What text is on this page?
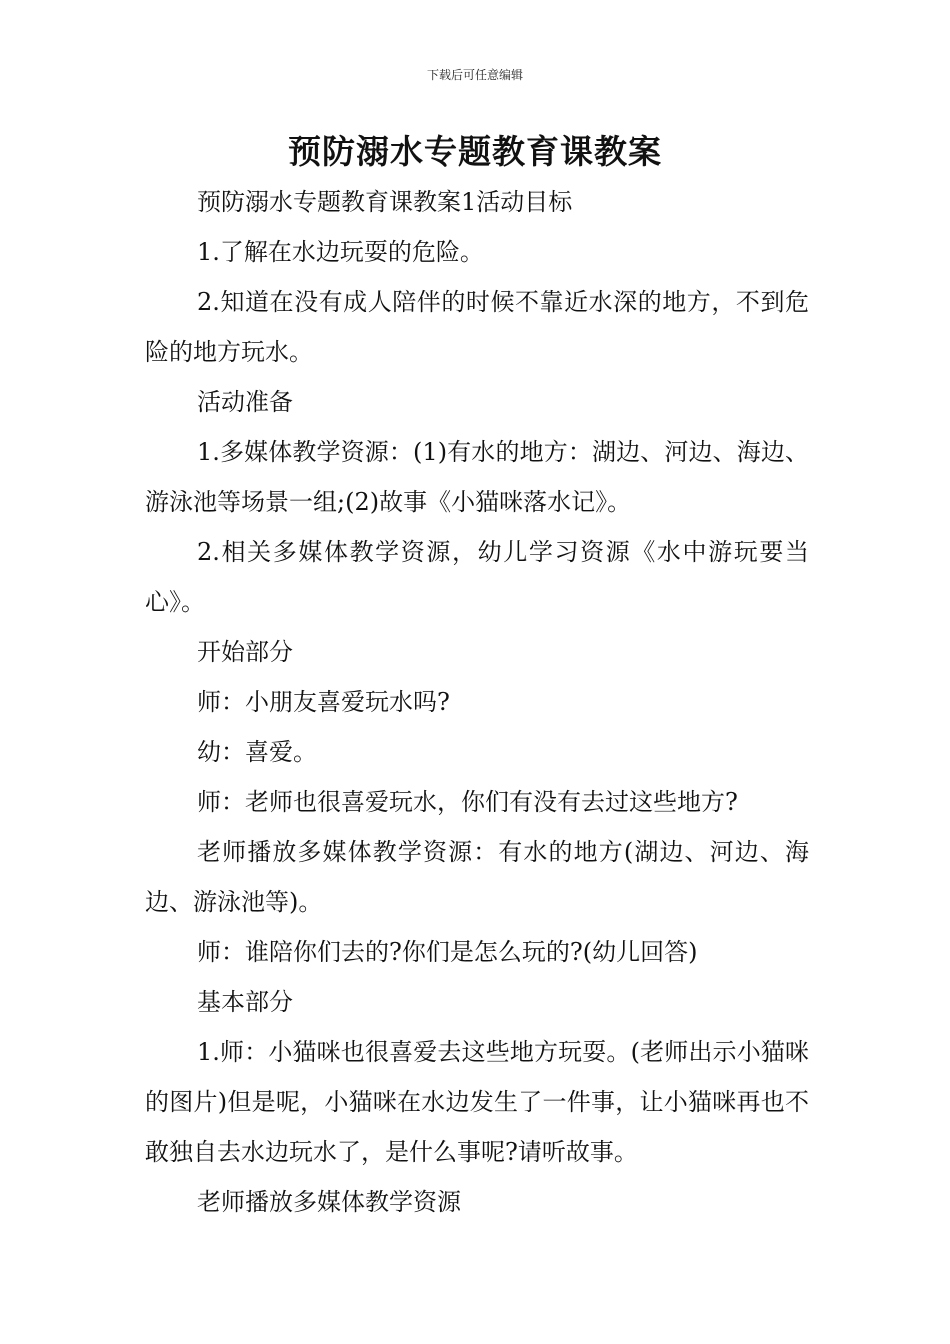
下载后可任意编辑
预防溺水专题教育课教案

预防溺水专题教育课教案1活动目标

1.了解在水边玩耍的危险。

2.知道在没有成人陪伴的时候不靠近水深的地方，不到危险的地方玩水。

活动准备

1.多媒体教学资源：(1)有水的地方：湖边、河边、海边、游泳池等场景一组;(2)故事《小猫咪落水记》。

2.相关多媒体教学资源，幼儿学习资源《水中游玩要当心》。

开始部分

师：小朋友喜爱玩水吗?

幼：喜爱。

师：老师也很喜爱玩水，你们有没有去过这些地方?

老师播放多媒体教学资源：有水的地方(湖边、河边、海边、游泳池等)。

师：谁陪你们去的?你们是怎么玩的?(幼儿回答)

基本部分

1.师：小猫咪也很喜爱去这些地方玩耍。(老师出示小猫咪的图片)但是呢，小猫咪在水边发生了一件事，让小猫咪再也不敢独自去水边玩水了，是什么事呢?请听故事。

老师播放多媒体教学资源
